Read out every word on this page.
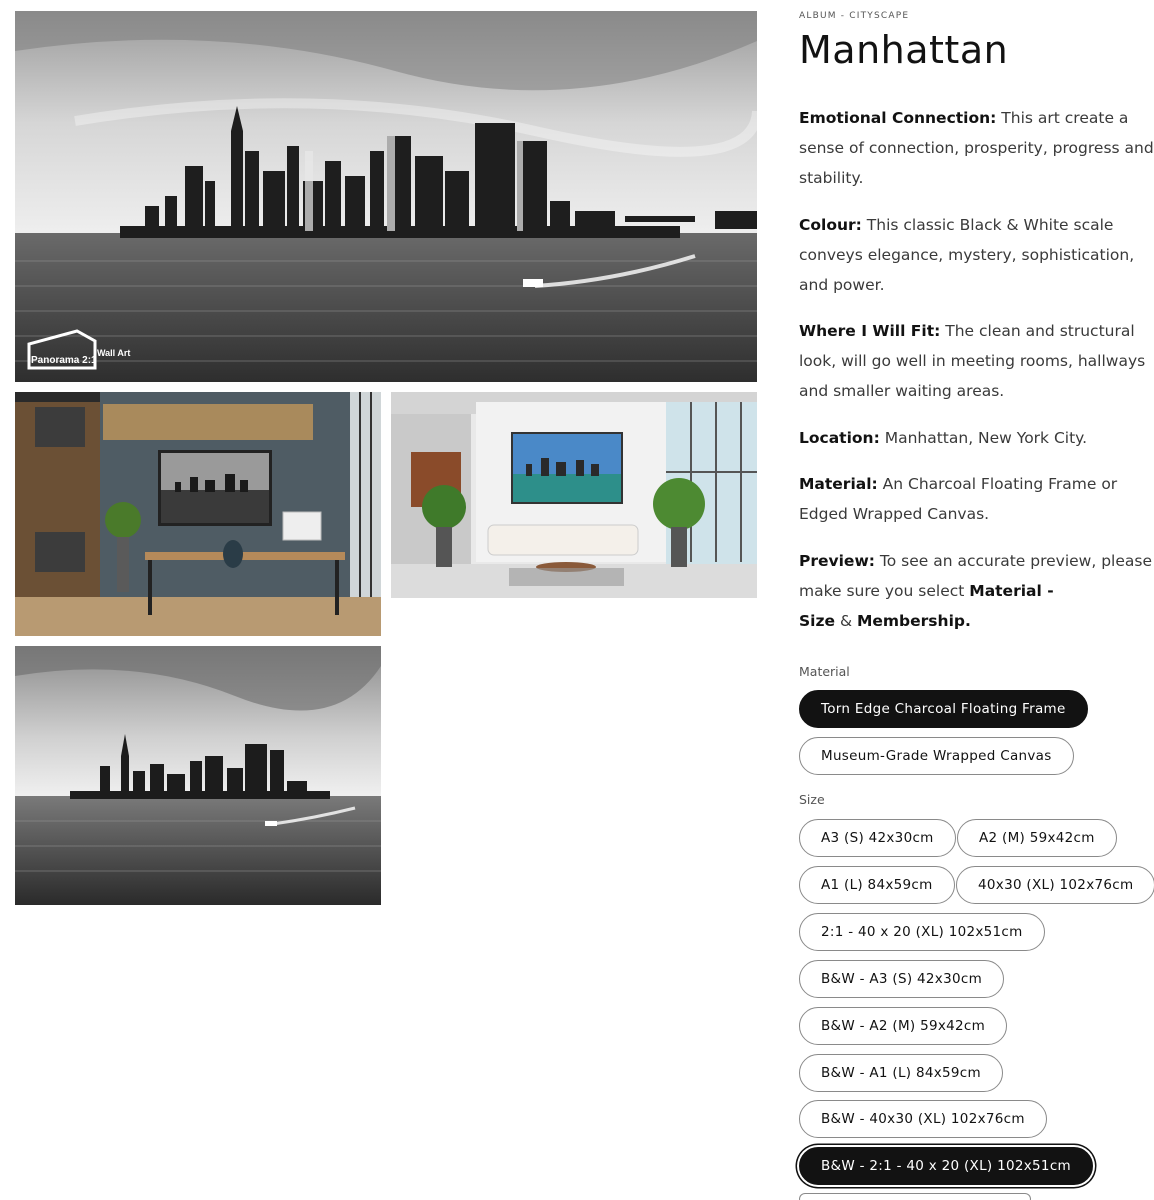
Panorama 2:1
Wall Art
ALBUM - CITYSCAPE
Manhattan

Emotional Connection: This art create a sense of connection, prosperity, progress and stability.

Colour: This classic Black & White scale conveys elegance, mystery, sophistication, and power.

Where I Will Fit: The clean and structural look, will go well in meeting rooms, hallways and smaller waiting areas.

Location: Manhattan, New York City.

Material: An Charcoal Floating Frame or Edged Wrapped Canvas.

Preview: To see an accurate preview, please make sure you select Material -
Size & Membership.

Material
Torn Edge Charcoal Floating Frame
Museum-Grade Wrapped Canvas
Size
A3 (S) 42x30cm	A2 (M) 59x42cm
A1 (L) 84x59cm	40x30 (XL) 102x76cm
2:1 - 40 x 20 (XL) 102x51cm
B&W - A3 (S) 42x30cm
B&W - A2 (M) 59x42cm
B&W - A1 (L) 84x59cm
B&W - 40x30 (XL) 102x76cm
B&W - 2:1 - 40 x 20 (XL) 102x51cm
